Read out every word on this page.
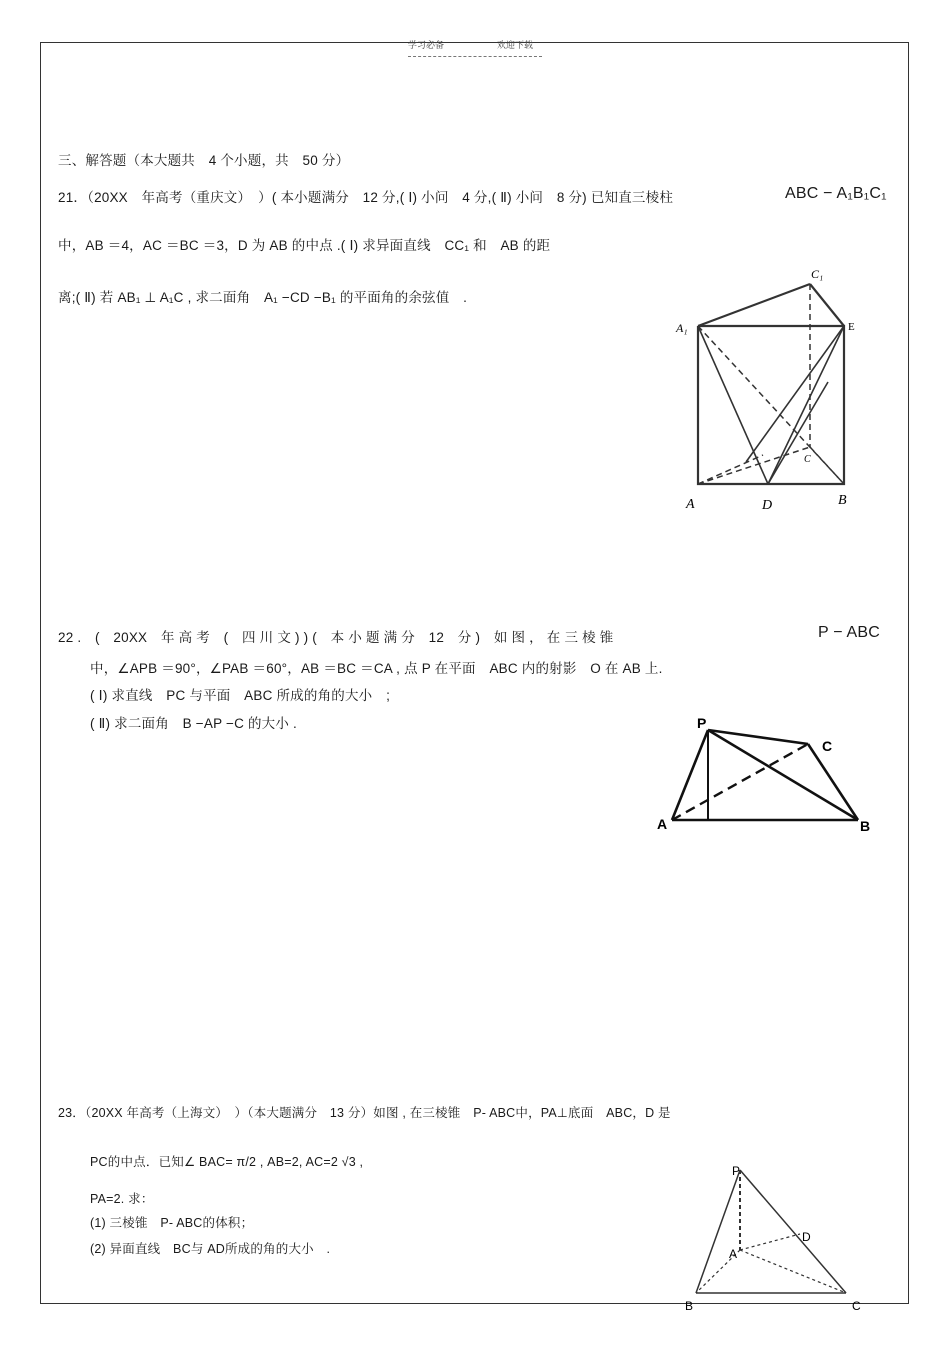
学习必备	欢迎下载
三、解答题（本大题共　4 个小题，共　50 分）
21．（20XX　年高考（重庆文）　）( 本小题满分　12 分,( Ⅰ) 小问　4 分,( Ⅱ) 小问　8 分) 已知直三棱柱	ABC − A₁B₁C₁
中，AB ＝4，AC ＝BC ＝3，D 为 AB 的中点 .( Ⅰ) 求异面直线　CC₁ 和　AB 的距
离;( Ⅱ) 若 AB₁ ⊥ A₁C , 求二面角　A₁ −CD −B₁ 的平面角的余弦值　.
A₁
C₁
E
A	D	B
C
22 .　(　20XX　年 高 考　(　四 川 文 ) ) (　本 小 题 满 分　12　分 )　如 图 ， 在 三 棱 锥	P − ABC
中，∠APB ＝90°，∠PAB ＝60°，AB ＝BC ＝CA , 点 P 在平面　ABC 内的射影　O 在 AB 上.
( Ⅰ) 求直线　PC 与平面　ABC 所成的角的大小　;
( Ⅱ) 求二面角　B −AP −C 的大小 .	P
C
A	B
23．（20XX 年高考（上海文）　）（本大题满分　13 分）如图 , 在三棱锥　P- ABC中，PA⊥底面　ABC，D 是
PC的中点．已知∠ BAC= π/2 , AB=2, AC=2 √3 ,
PA=2. 求：
(1) 三棱锥　P- ABC的体积；
(2) 异面直线　BC与 AD所成的角的大小　.
P
D
A
B	C
